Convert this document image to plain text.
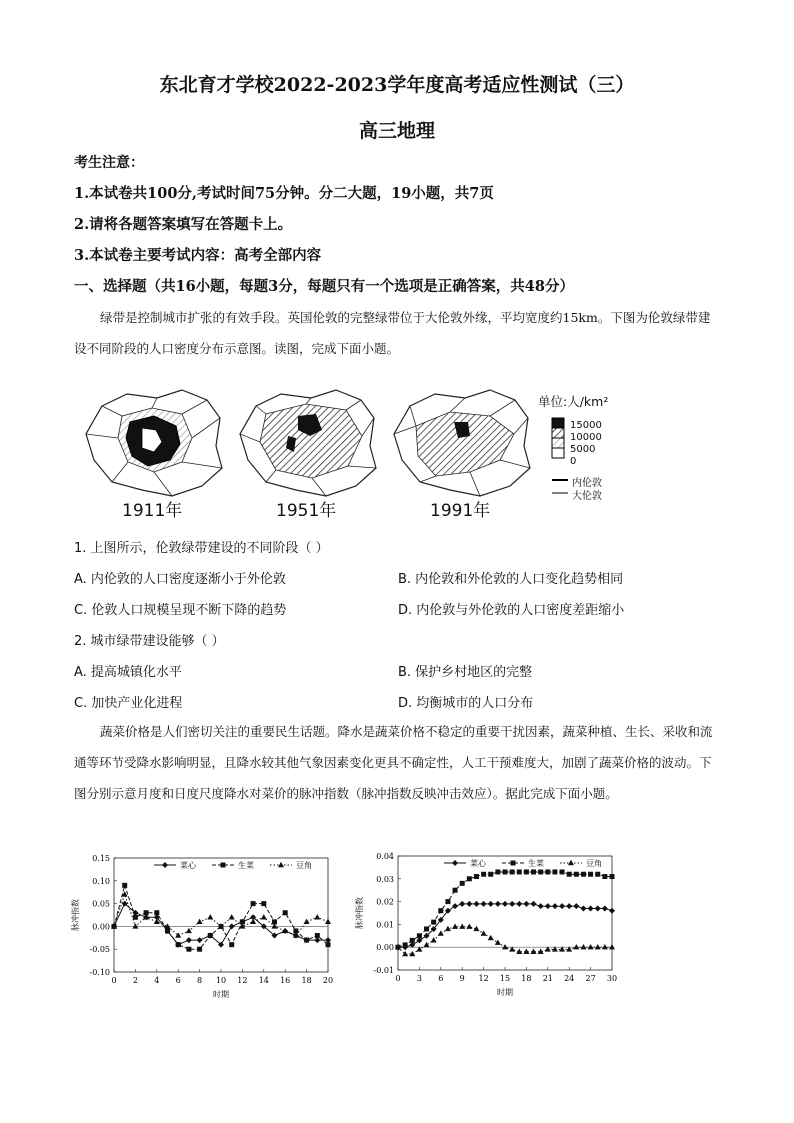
东北育才学校2022-2023学年度高考适应性测试（三）
高三地理
考生注意：
1.本试卷共100分,考试时间75分钟。分二大题，19小题，共7页
2.请将各题答案填写在答题卡上。
3.本试卷主要考试内容：高考全部内容
一、选择题（共16小题，每题3分，每题只有一个选项是正确答案，共48分）
绿带是控制城市扩张的有效手段。英国伦敦的完整绿带位于大伦敦外缘，平均宽度约15km。下图为伦敦绿带建设不同阶段的人口密度分布示意图。读图，完成下面小题。
1911年	1951年	1991年
单位:人/km²
15000
10000
5000
0
内伦敦
大伦敦
1. 上图所示，伦敦绿带建设的不同阶段（ ）
A. 内伦敦的人口密度逐渐小于外伦敦	B. 内伦敦和外伦敦的人口变化趋势相同
C. 伦敦人口规模呈现不断下降的趋势	D. 内伦敦与外伦敦的人口密度差距缩小
2. 城市绿带建设能够（ ）
A. 提高城镇化水平	B. 保护乡村地区的完整
C. 加快产业化进程	D. 均衡城市的人口分布
蔬菜价格是人们密切关注的重要民生话题。降水是蔬菜价格不稳定的重要干扰因素，蔬菜种植、生长、采收和流通等环节受降水影响明显，且降水较其他气象因素变化更具不确定性，人工干预难度大，加剧了蔬菜价格的波动。下图分别示意月度和日度尺度降水对菜价的脉冲指数（脉冲指数反映冲击效应）。据此完成下面小题。
-0.10
-0.05
0.00
0.05
0.10
0.15
0 2 4 6 8 10 12 14 16 18 20
时期
脉冲指数
菜心	生菜	豆角
-0.01
0.00
0.01
0.02
0.03
0.04
0 3 6 9 12 15 18 21 24 27 30
时期
脉冲指数
菜心	生菜	豆角
